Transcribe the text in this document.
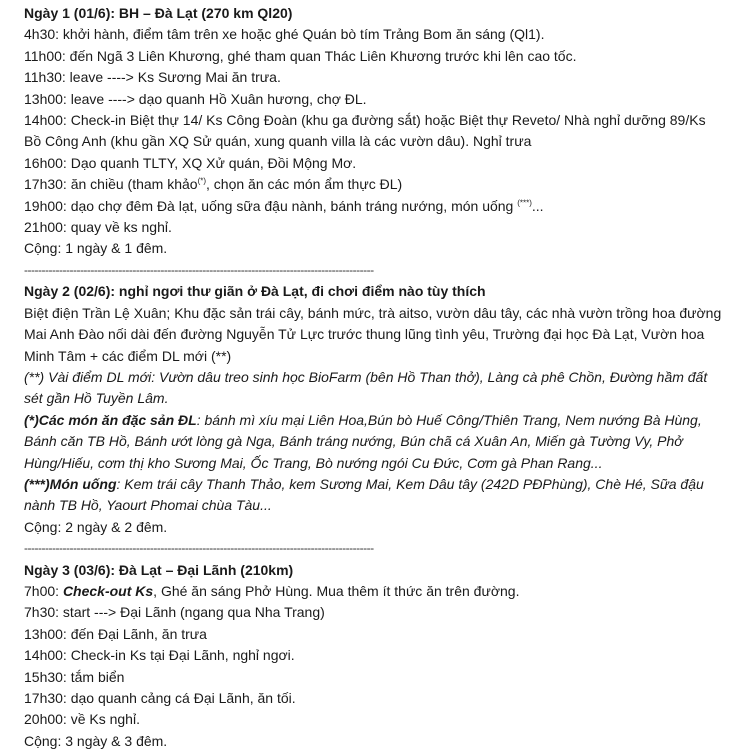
Ngày 1 (01/6): BH – Đà Lạt (270 km Ql20)
4h30: khởi hành, điểm tâm trên xe hoặc ghé Quán bò tím Trảng Bom ăn sáng (Ql1).
11h00: đến Ngã 3 Liên Khương, ghé tham quan Thác Liên Khương trước khi lên cao tốc.
11h30: leave ----> Ks Sương Mai ăn trưa.
13h00: leave ----> dạo quanh Hồ Xuân hương, chợ ĐL.
14h00: Check-in Biệt thự 14/ Ks Công Đoàn (khu ga đường sắt) hoặc Biệt thự Reveto/ Nhà nghỉ dưỡng 89/Ks Bồ Công Anh (khu gần XQ Sử quán, xung quanh villa là các vườn dâu). Nghỉ trưa
16h00: Dạo quanh TLTY, XQ Xử quán, Đồi Mộng Mơ.
17h30: ăn chiều (tham khảo(*), chọn ăn các món ẩm thực ĐL)
19h00: dạo chợ đêm Đà lạt, uống sữa đậu nành, bánh tráng nướng, món uống (***)...
21h00: quay về ks nghỉ.
Cộng: 1 ngày & 1 đêm.
----------------------------------------------------------------------------------------------------
Ngày 2 (02/6): nghỉ ngơi thư giãn ở Đà Lạt, đi chơi điểm nào tùy thích
Biệt điện Trần Lệ Xuân; Khu đặc sản trái cây, bánh mức, trà aitso, vườn dâu tây, các nhà vườn trồng hoa đường Mai Anh Đào nối dài đến đường Nguyễn Tử Lực trước thung lũng tình yêu, Trường đại học Đà Lạt, Vườn hoa Minh Tâm + các điểm DL mới (**)
(**) Vài điểm DL mới: Vườn dâu treo sinh học BioFarm (bên Hồ Than thở), Làng cà phê Chồn, Đường hầm đất sét gần Hồ Tuyền Lâm.
(*)Các món ăn đặc sản ĐL: bánh mì xíu mại Liên Hoa,Bún bò Huế Công/Thiên Trang, Nem nướng Bà Hùng, Bánh căn TB Hồ, Bánh ướt lòng gà Nga, Bánh tráng nướng, Bún chã cá Xuân An, Miến gà Tường Vy, Phở Hùng/Hiếu, cơm thị kho Sương Mai, Ốc Trang, Bò nướng ngói Cu Đức, Cơm gà Phan Rang...
(***)Món uống: Kem trái cây Thanh Thảo, kem Sương Mai, Kem Dâu tây (242D PĐPhùng), Chè Hé, Sữa đậu nành TB Hồ, Yaourt Phomai chùa Tàu...
Cộng: 2 ngày & 2 đêm.
----------------------------------------------------------------------------------------------------
Ngày 3 (03/6): Đà Lạt – Đại Lãnh (210km)
7h00: Check-out Ks, Ghé ăn sáng Phở Hùng. Mua thêm ít thức ăn trên đường.
7h30: start ---> Đại Lãnh (ngang qua Nha Trang)
13h00: đến Đại Lãnh, ăn trưa
14h00: Check-in Ks tại Đại Lãnh, nghỉ ngơi.
15h30: tắm biển
17h30: dạo quanh cảng cá Đại Lãnh, ăn tối.
20h00: về Ks nghỉ.
Cộng: 3 ngày & 3 đêm.
